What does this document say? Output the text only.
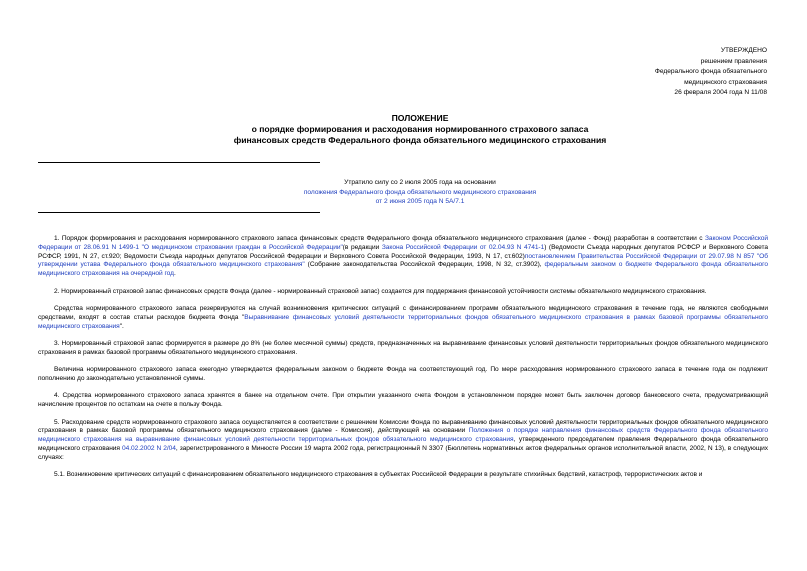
УТВЕРЖДЕНО
решением правления
Федерального фонда обязательного
медицинского страхования
26 февраля 2004 года N 11/08
ПОЛОЖЕНИЕ
о порядке формирования и расходования нормированного страхового запаса
финансовых средств Федерального фонда обязательного медицинского страхования
Утратило силу со 2 июля 2005 года на основании
положения Федерального фонда обязательного медицинского страхования
от 2 июня 2005 года N 5А/7.1

1. Порядок формирования и расходования нормированного страхового запаса финансовых средств Федерального фонда обязательного медицинского страхования (далее - Фонд) разработан в соответствии с Законом Российской Федерации от 28.06.91 N 1499-1 "О медицинском страховании граждан в Российской Федерации"(в редакции Закона Российской Федерации от 02.04.93 N 4741-1) (Ведомости Съезда народных депутатов РСФСР и Верховного Совета РСФСР, 1991, N 27, ст.920; Ведомости Съезда народных депутатов Российской Федерации и Верховного Совета Российской Федерации, 1993, N 17, ст.602)постановлением Правительства Российской Федерации от 29.07.98 N 857 "Об утверждении устава Федерального фонда обязательного медицинского страхования" (Собрание законодательства Российской Федерации, 1998, N 32, ст.3902), федеральным законом о бюджете Федерального фонда обязательного медицинского страхования на очередной год.

2. Нормированный страховой запас финансовых средств Фонда (далее - нормированный страховой запас) создается для поддержания финансовой устойчивости системы обязательного медицинского страхования.

Средства нормированного страхового запаса резервируются на случай возникновения критических ситуаций с финансированием программ обязательного медицинского страхования в течение года, не являются свободными средствами, входят в состав статьи расходов бюджета Фонда "Выравнивание финансовых условий деятельности территориальных фондов обязательного медицинского страхования в рамках базовой программы обязательного медицинского страхования".

3. Нормированный страховой запас формируется в размере до 8% (не более месячной суммы) средств, предназначенных на выравнивание финансовых условий деятельности территориальных фондов обязательного медицинского страхования в рамках базовой программы обязательного медицинского страхования.

Величина нормированного страхового запаса ежегодно утверждается федеральным законом о бюджете Фонда на соответствующий год. По мере расходования нормированного страхового запаса в течение года он подлежит пополнению до законодательно установленной суммы.

4. Средства нормированного страхового запаса хранятся в банке на отдельном счете. При открытии указанного счета Фондом в установленном порядке может быть заключен договор банковского счета, предусматривающий начисление процентов по остаткам на счете в пользу Фонда.

5. Расходование средств нормированного страхового запаса осуществляется в соответствии с решением Комиссии Фонда по выравниванию финансовых условий деятельности территориальных фондов обязательного медицинского страхования в рамках базовой программы обязательного медицинского страхования (далее - Комиссия), действующей на основании Положения о порядке направления финансовых средств Федерального фонда обязательного медицинского страхования на выравнивание финансовых условий деятельности территориальных фондов обязательного медицинского страхования, утвержденного председателем правления Федерального фонда обязательного медицинского страхования 04.02.2002 N 2/04, зарегистрированного в Минюсте России 19 марта 2002 года, регистрационный N 3307 (Бюллетень нормативных актов федеральных органов исполнительной власти, 2002, N 13), в следующих случаях:

5.1. Возникновение критических ситуаций с финансированием обязательного медицинского страхования в субъектах Российской Федерации в результате стихийных бедствий, катастроф, террористических актов и
